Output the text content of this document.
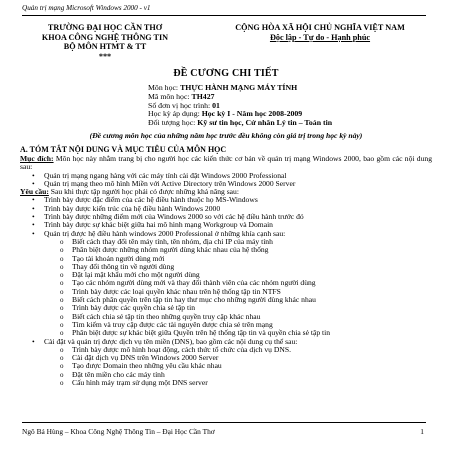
Quản trị mạng Microsoft Windows 2000 - v1
TRƯỜNG ĐẠI HỌC CẦN THƠ
KHOA CÔNG NGHỆ THÔNG TIN
BỘ MÔN HTMT & TT
***
CỘNG HÒA XÃ HỘI CHỦ NGHĨA VIỆT NAM
Độc lập - Tự do - Hạnh phúc
ĐỀ CƯƠNG CHI TIẾT
Môn học: THỰC HÀNH MẠNG MÁY TÍNH
Mã môn học: TH427
Số đơn vị học trình: 01
Học kỳ áp dụng: Học kỳ I - Năm học 2008-2009
Đối tượng học: Kỹ sư tin học, Cử nhân Lý tin – Toán tin
(Đề cương môn học của những năm học trước đều không còn giá trị trong học kỳ này)
A. TÓM TẮT NỘI DUNG VÀ MỤC TIÊU CỦA MÔN HỌC

Mục đích: Môn học này nhằm trang bị cho người học các kiến thức cơ bản về quản trị mạng Windows 2000, bao gồm các nội dung sau:

• Quản trị mạng ngang hàng với các máy tính cài đặt Windows 2000 Professional
• Quản trị mạng theo mô hình Miền với Active Directory trên Windows 2000 Server

Yêu cầu: Sau khi thực tập người học phải có được những khả năng sau:

• Trình bày được đặc điểm của các hệ điều hành thuộc họ MS-Windows
• Trình bày được kiến trúc của hệ điều hành Windows 2000
• Trình bày được những điểm mới của Windows 2000 so với các hệ điều hành trước đó
• Trình bày được sự khác biệt giữa hai mô hình mạng Workgroup và Domain
• Quản trị được hệ điều hành windows 2000 Professional ở những khía cạnh sau:
o Biết cách thay đổi tên máy tính, tên nhóm, địa chỉ IP của máy tính
o Phân biệt được những nhóm người dùng khác nhau của hệ thống
o Tạo tài khoản người dùng mới
o Thay đổi thông tin về người dùng
o Đặt lại mật khẩu mới cho một người dùng
o Tạo các nhóm người dùng mới và thay đổi thành viên của các nhóm người dùng
o Trình bày được các loại quyền khác nhau trên hệ thống tập tin NTFS
o Biết cách phân quyền trên tập tin hay thư mục cho những người dùng khác nhau
o Trình bày được các quyền chia sẻ tập tin
o Biết cách chia sẻ tập tin theo những quyền truy cập khác nhau
o Tìm kiếm và truy cập được các tài nguyên được chia sẻ trên mạng
o Phân biệt được sự khác biệt giữa Quyền trên hệ thống tập tin và quyền chia sẻ tập tin
• Cài đặt và quản trị được dịch vụ tên miền (DNS), bao gồm các nội dung cụ thể sau:
o Trình bày được mô hình hoạt động, cách thức tổ chức của dịch vụ DNS.
o Cài đặt dịch vụ DNS trên Windows 2000 Server
o Tạo được Domain theo những yêu cầu khác nhau
o Đặt tên miền cho các máy tính
o Cấu hình máy trạm sử dụng một DNS server
Ngô Bá Hùng – Khoa Công Nghệ Thông Tin – Đại Học Cần Thơ	1
